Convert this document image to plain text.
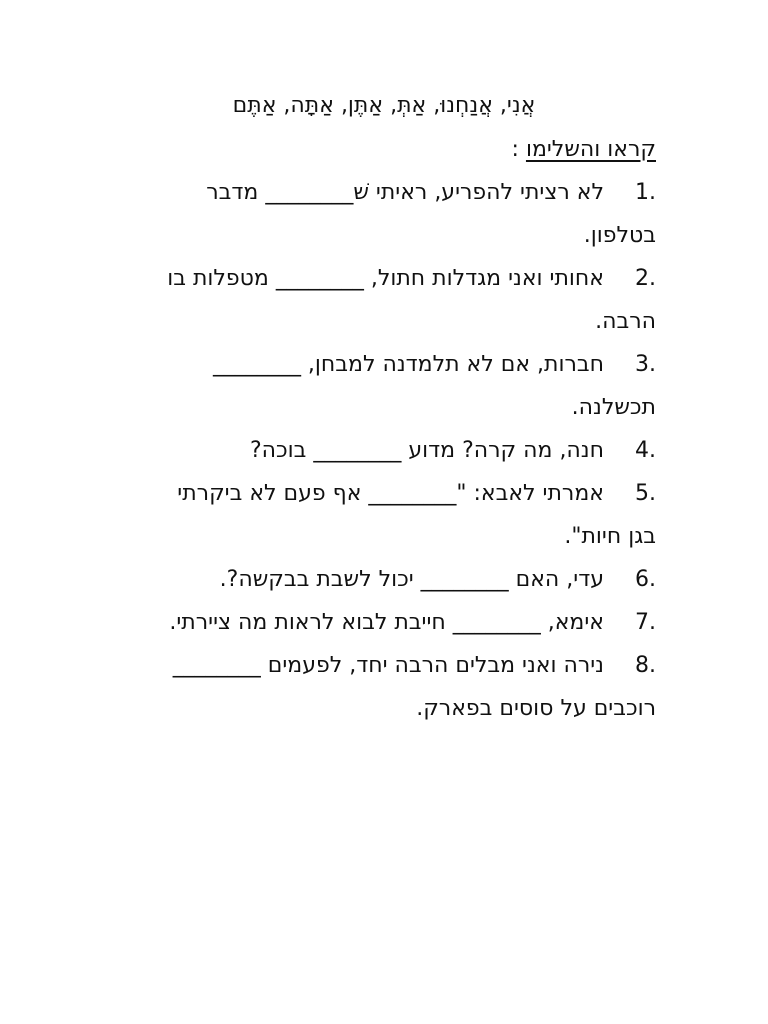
אֲנִי, אֲנַחְנוּ, אַתְּ, אַתֶּן, אַתָּה, אַתֶּם
קראו והשלימו :
1.
לא רציתי להפריע, ראיתי שׁ________ מדבר
בטלפון.
2.
אחותי ואני מגדלות חתול, ________ מטפלות בו
הרבה.
3.
חברות, אם לא תלמדנה למבחן, ________
תכשלנה.
4.
חנה, מה קרה? מדוע ________ בוכה?
5.
אמרתי לאבא: "________ אף פעם לא ביקרתי
בגן חיות".
6.
עדי, האם ________ יכול לשבת בבקשה?.
7.
אימא, ________ חייבת לבוא לראות מה ציירתי.
8.
נירה ואני מבלים הרבה יחד, לפעמים ________
רוכבים על סוסים בפארק.
